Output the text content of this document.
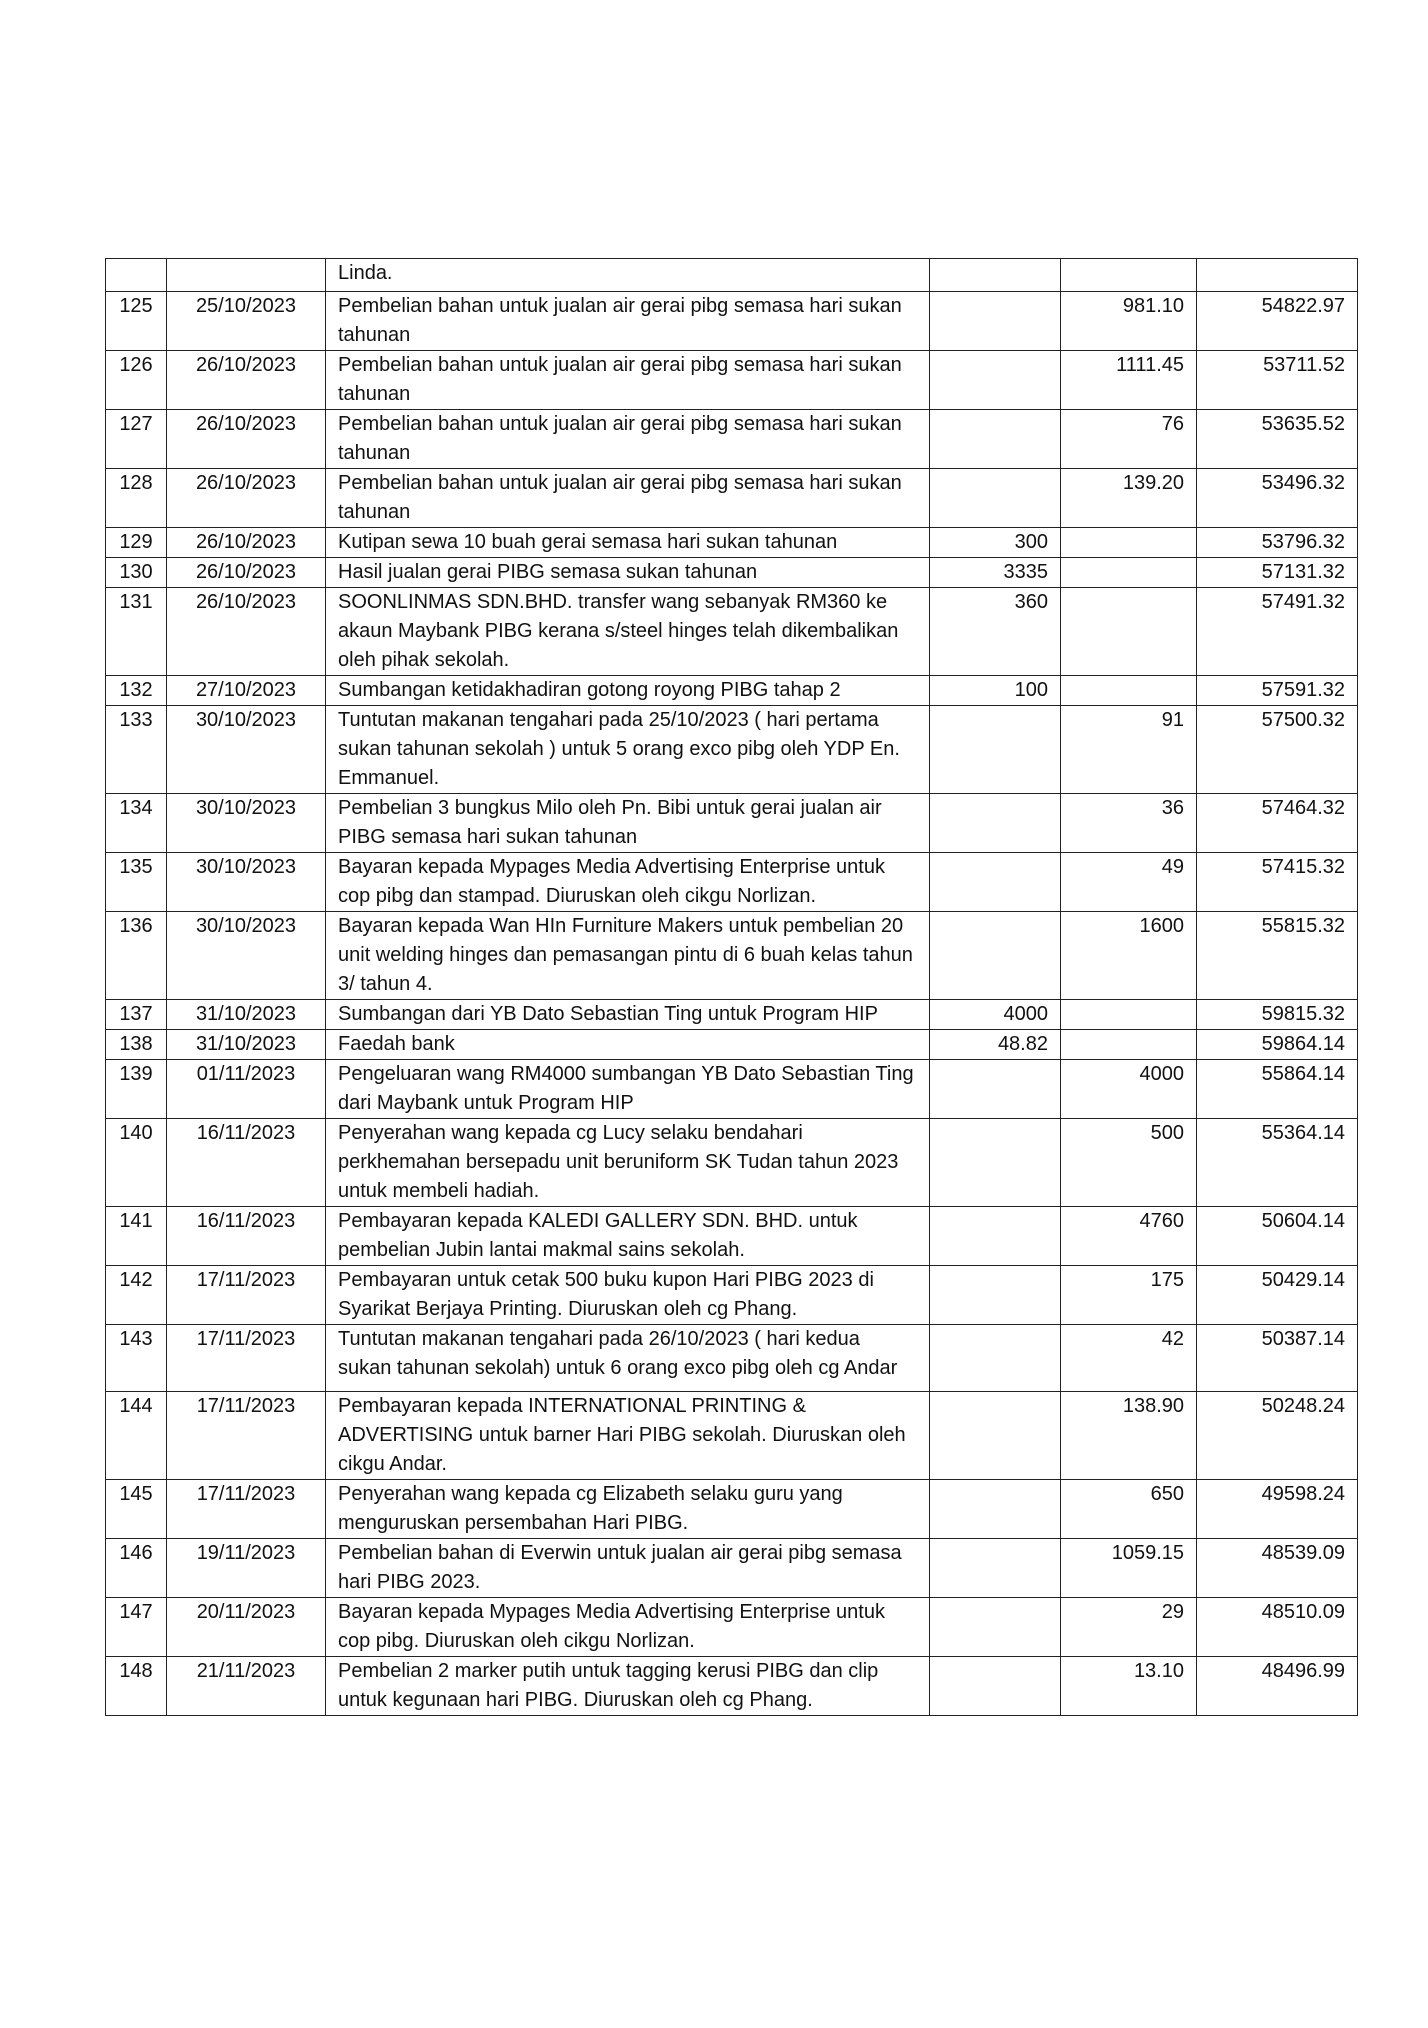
		Linda.			
125	25/10/2023	Pembelian bahan untuk jualan air gerai pibg semasa hari sukan tahunan		981.10	54822.97
126	26/10/2023	Pembelian bahan untuk jualan air gerai pibg semasa hari sukan tahunan		1111.45	53711.52
127	26/10/2023	Pembelian bahan untuk jualan air gerai pibg semasa hari sukan tahunan		76	53635.52
128	26/10/2023	Pembelian bahan untuk jualan air gerai pibg semasa hari sukan tahunan		139.20	53496.32
129	26/10/2023	Kutipan sewa 10 buah gerai semasa hari sukan tahunan	300		53796.32
130	26/10/2023	Hasil jualan gerai PIBG semasa sukan tahunan	3335		57131.32
131	26/10/2023	SOONLINMAS SDN.BHD. transfer wang sebanyak RM360 ke akaun Maybank PIBG kerana s/steel hinges telah dikembalikan oleh pihak sekolah.	360		57491.32
132	27/10/2023	Sumbangan ketidakhadiran gotong royong PIBG tahap 2	100		57591.32
133	30/10/2023	Tuntutan makanan tengahari pada 25/10/2023 ( hari pertama sukan tahunan sekolah ) untuk 5 orang exco pibg oleh YDP En. Emmanuel.		91	57500.32
134	30/10/2023	Pembelian 3 bungkus Milo oleh Pn. Bibi untuk gerai jualan air PIBG semasa hari sukan tahunan		36	57464.32
135	30/10/2023	Bayaran kepada Mypages Media Advertising Enterprise untuk cop pibg dan stampad. Diuruskan oleh cikgu Norlizan.		49	57415.32
136	30/10/2023	Bayaran kepada Wan HIn Furniture Makers untuk pembelian 20 unit welding hinges dan pemasangan pintu di 6 buah kelas tahun 3/ tahun 4.		1600	55815.32
137	31/10/2023	Sumbangan dari YB Dato Sebastian Ting untuk Program HIP	4000		59815.32
138	31/10/2023	Faedah bank	48.82		59864.14
139	01/11/2023	Pengeluaran wang RM4000 sumbangan YB Dato Sebastian Ting dari Maybank untuk Program HIP		4000	55864.14
140	16/11/2023	Penyerahan wang kepada cg Lucy selaku bendahari perkhemahan bersepadu unit beruniform SK Tudan tahun 2023 untuk membeli hadiah.		500	55364.14
141	16/11/2023	Pembayaran kepada KALEDI GALLERY SDN. BHD. untuk pembelian Jubin lantai makmal sains sekolah.		4760	50604.14
142	17/11/2023	Pembayaran untuk cetak 500 buku kupon Hari PIBG 2023 di Syarikat Berjaya Printing. Diuruskan oleh cg Phang.		175	50429.14
143	17/11/2023	Tuntutan makanan tengahari pada 26/10/2023 ( hari kedua sukan tahunan sekolah) untuk 6 orang exco pibg oleh cg Andar		42	50387.14
144	17/11/2023	Pembayaran kepada INTERNATIONAL PRINTING & ADVERTISING untuk barner Hari PIBG sekolah. Diuruskan oleh cikgu Andar.		138.90	50248.24
145	17/11/2023	Penyerahan wang kepada cg Elizabeth selaku guru yang menguruskan persembahan Hari PIBG.		650	49598.24
146	19/11/2023	Pembelian bahan di Everwin untuk jualan air gerai pibg semasa hari PIBG 2023.		1059.15	48539.09
147	20/11/2023	Bayaran kepada Mypages Media Advertising Enterprise untuk cop pibg. Diuruskan oleh cikgu Norlizan.		29	48510.09
148	21/11/2023	Pembelian 2 marker putih untuk tagging kerusi PIBG dan clip untuk kegunaan hari PIBG. Diuruskan oleh cg Phang.		13.10	48496.99
